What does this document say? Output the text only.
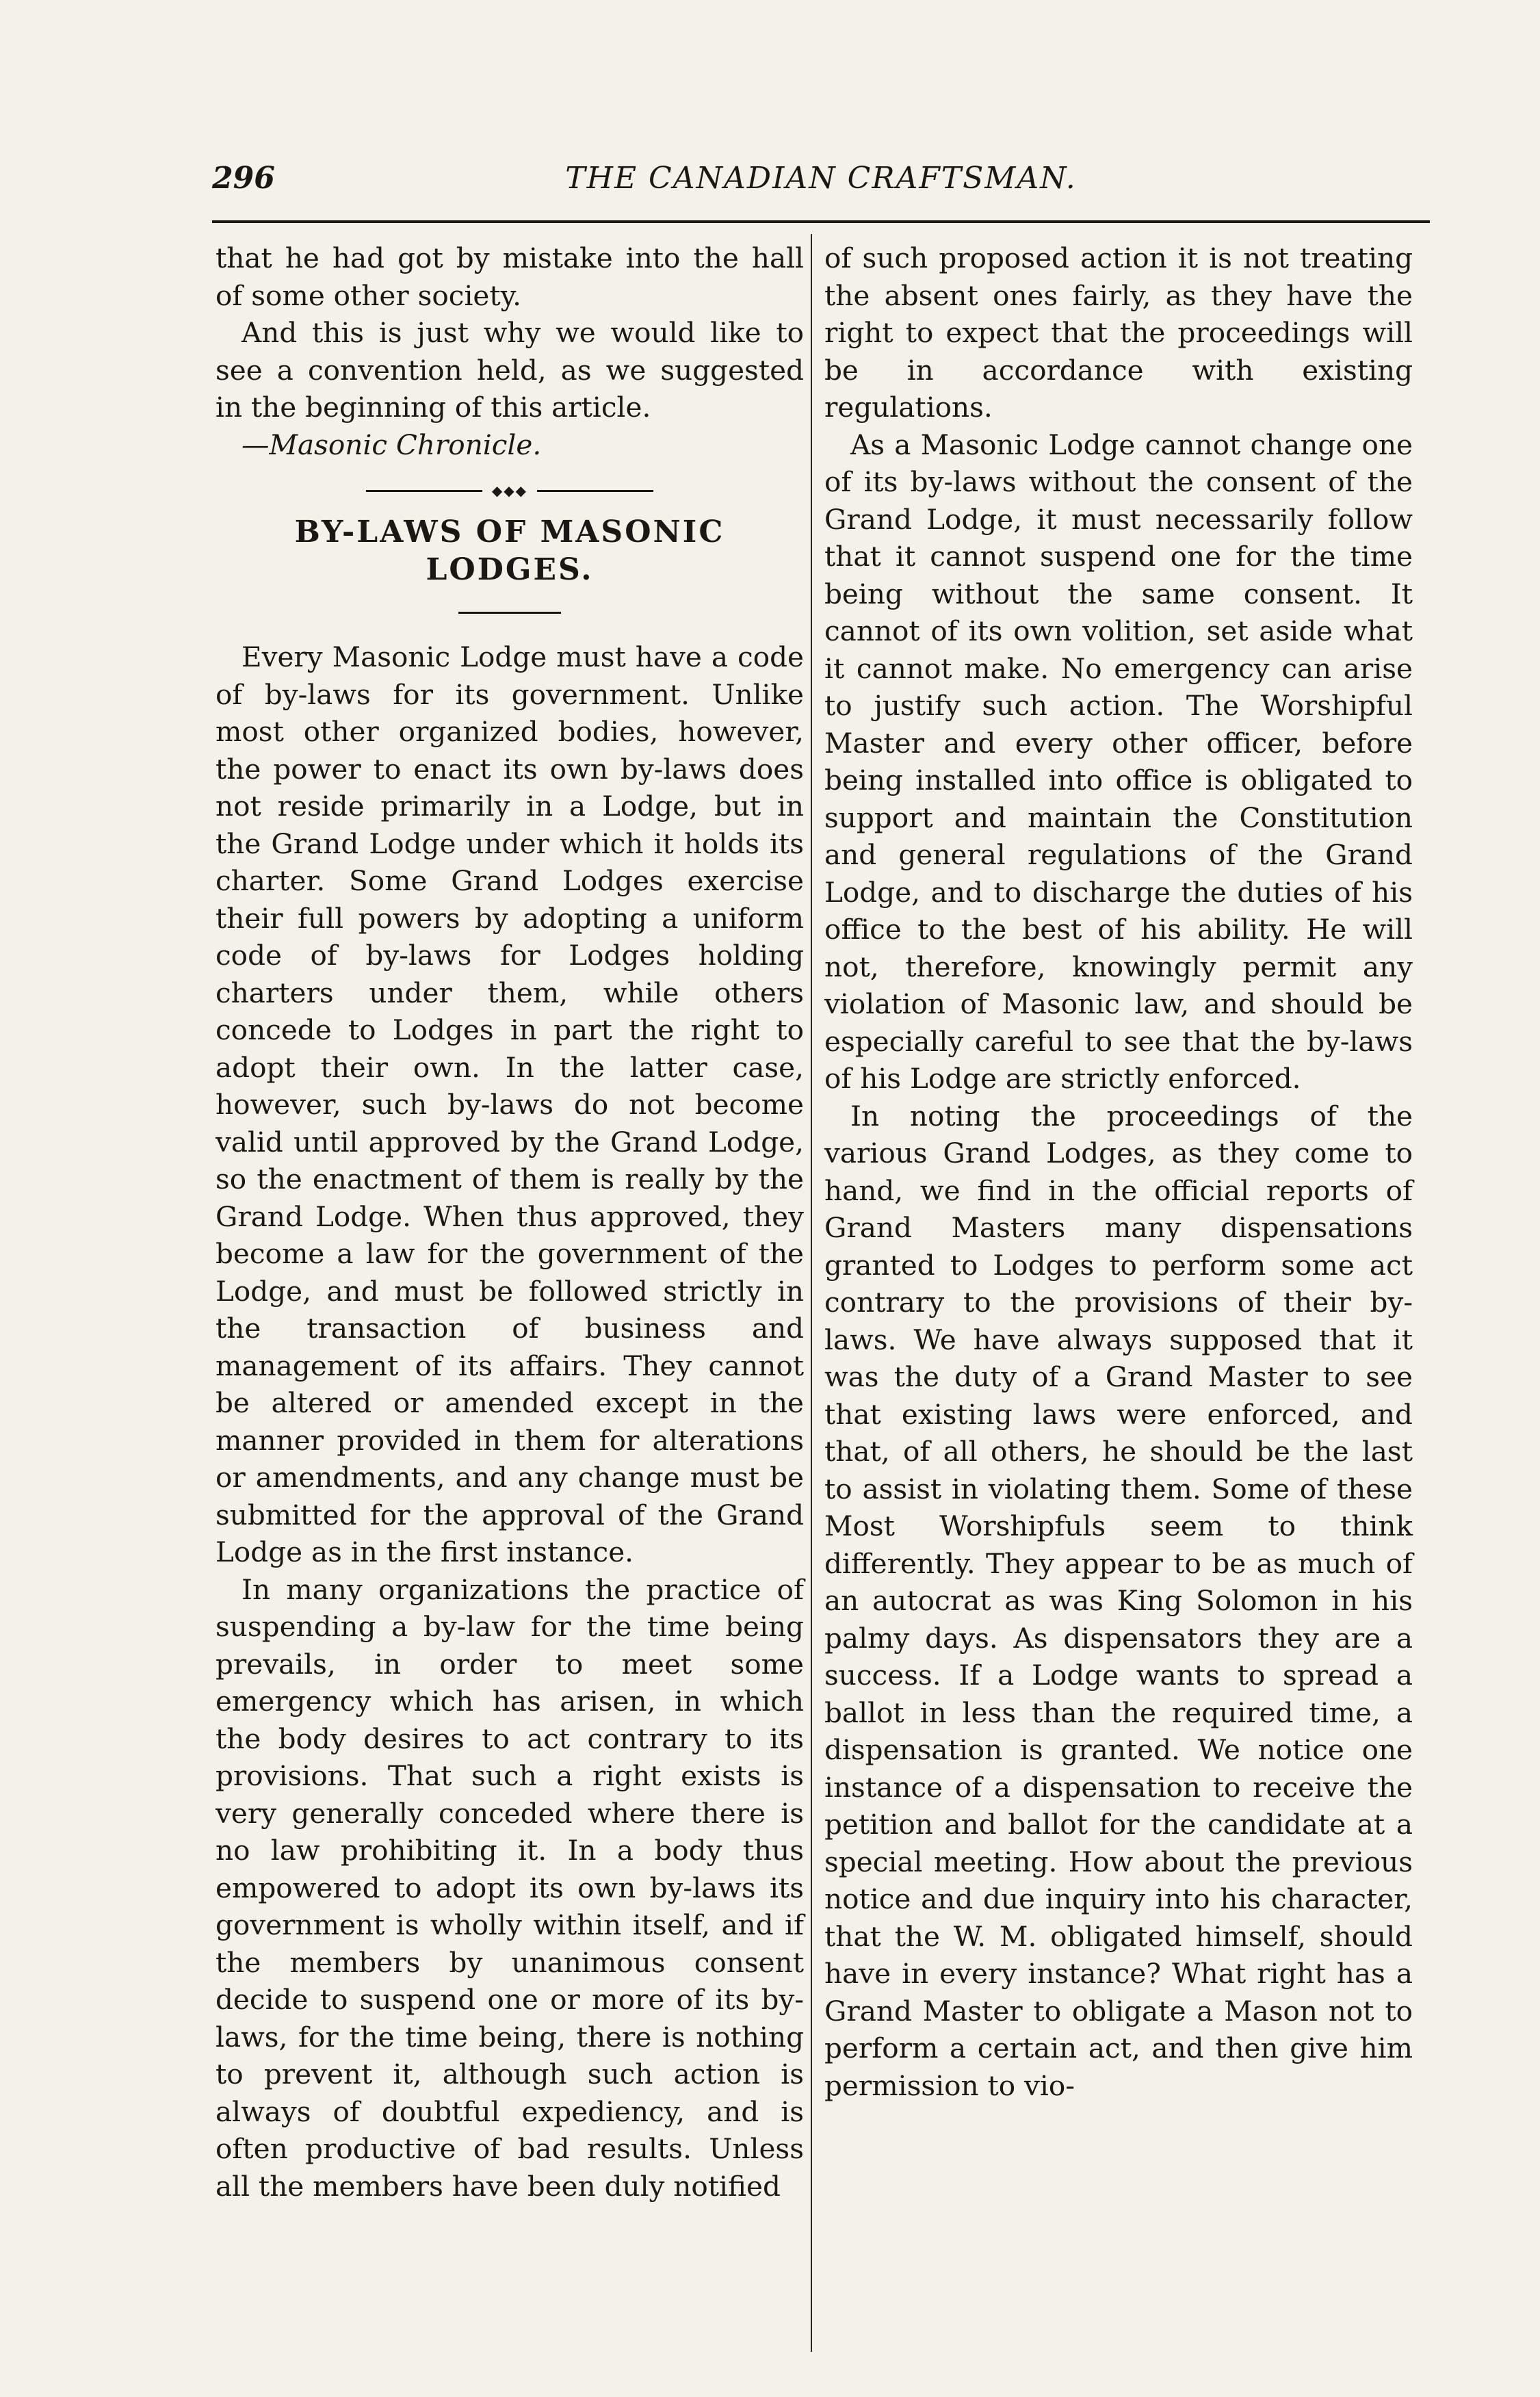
296	THE CANADIAN CRAFTSMAN.

that he had got by mistake into the hall of some other society.

And this is just why we would like to see a convention held, as we suggested in the beginning of this article.

—Masonic Chronicle.

◆◆◆
BY-LAWS OF MASONIC LODGES.

Every Masonic Lodge must have a code of by-laws for its government. Unlike most other organized bodies, however, the power to enact its own by-laws does not reside primarily in a Lodge, but in the Grand Lodge under which it holds its charter. Some Grand Lodges exercise their full powers by adopting a uniform code of by-laws for Lodges holding charters under them, while others concede to Lodges in part the right to adopt their own. In the latter case, however, such by-laws do not become valid until approved by the Grand Lodge, so the enactment of them is really by the Grand Lodge. When thus approved, they become a law for the government of the Lodge, and must be followed strictly in the transaction of business and management of its affairs. They cannot be altered or amended except in the manner provided in them for alterations or amendments, and any change must be submitted for the approval of the Grand Lodge as in the first instance.

In many organizations the practice of suspending a by-law for the time being prevails, in order to meet some emergency which has arisen, in which the body desires to act contrary to its provisions. That such a right exists is very generally conceded where there is no law prohibiting it. In a body thus empowered to adopt its own by-laws its government is wholly within itself, and if the members by unanimous consent decide to suspend one or more of its by-laws, for the time being, there is nothing to prevent it, although such action is always of doubtful expediency, and is often productive of bad results. Unless all the members have been duly notified

of such proposed action it is not treating the absent ones fairly, as they have the right to expect that the proceedings will be in accordance with existing regulations.

As a Masonic Lodge cannot change one of its by-laws without the consent of the Grand Lodge, it must necessarily follow that it cannot suspend one for the time being without the same consent. It cannot of its own volition, set aside what it cannot make. No emergency can arise to justify such action. The Worshipful Master and every other officer, before being installed into office is obligated to support and maintain the Constitution and general regulations of the Grand Lodge, and to discharge the duties of his office to the best of his ability. He will not, therefore, knowingly permit any violation of Masonic law, and should be especially careful to see that the by-laws of his Lodge are strictly enforced.

In noting the proceedings of the various Grand Lodges, as they come to hand, we find in the official reports of Grand Masters many dispensations granted to Lodges to perform some act contrary to the provisions of their by-laws. We have always supposed that it was the duty of a Grand Master to see that existing laws were enforced, and that, of all others, he should be the last to assist in violating them. Some of these Most Worshipfuls seem to think differently. They appear to be as much of an autocrat as was King Solomon in his palmy days. As dispensators they are a success. If a Lodge wants to spread a ballot in less than the required time, a dispensation is granted. We notice one instance of a dispensation to receive the petition and ballot for the candidate at a special meeting. How about the previous notice and due inquiry into his character, that the W. M. obligated himself, should have in every instance? What right has a Grand Master to obligate a Mason not to perform a certain act, and then give him permission to vio-
